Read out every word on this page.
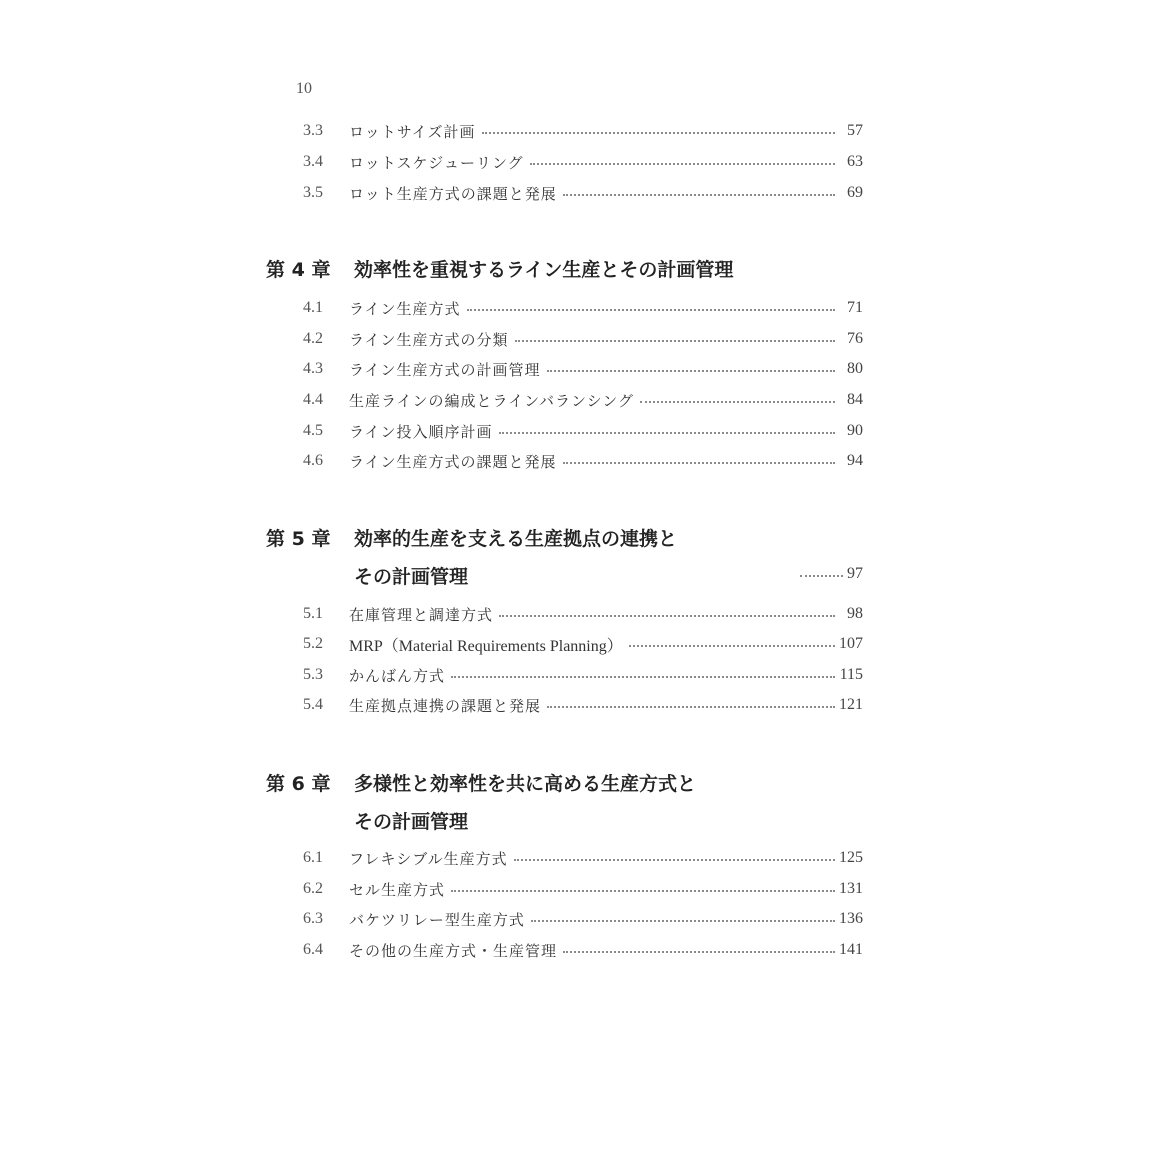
10
3.3	ロットサイズ計画	57
3.4	ロットスケジューリング	63
3.5	ロット生産方式の課題と発展	69
第 4 章 効率性を重視するライン生産とその計画管理
4.1	ライン生産方式	71
4.2	ライン生産方式の分類	76
4.3	ライン生産方式の計画管理	80
4.4	生産ラインの編成とラインバランシング	84
4.5	ライン投入順序計画	90
4.6	ライン生産方式の課題と発展	94
第 5 章 効率的生産を支える生産拠点の連携と
その計画管理	97
5.1	在庫管理と調達方式	98
5.2	MRP（Material Requirements Planning）	107
5.3	かんばん方式	115
5.4	生産拠点連携の課題と発展	121
第 6 章 多様性と効率性を共に高める生産方式と
その計画管理
6.1	フレキシブル生産方式	125
6.2	セル生産方式	131
6.3	バケツリレー型生産方式	136
6.4	その他の生産方式・生産管理	141
